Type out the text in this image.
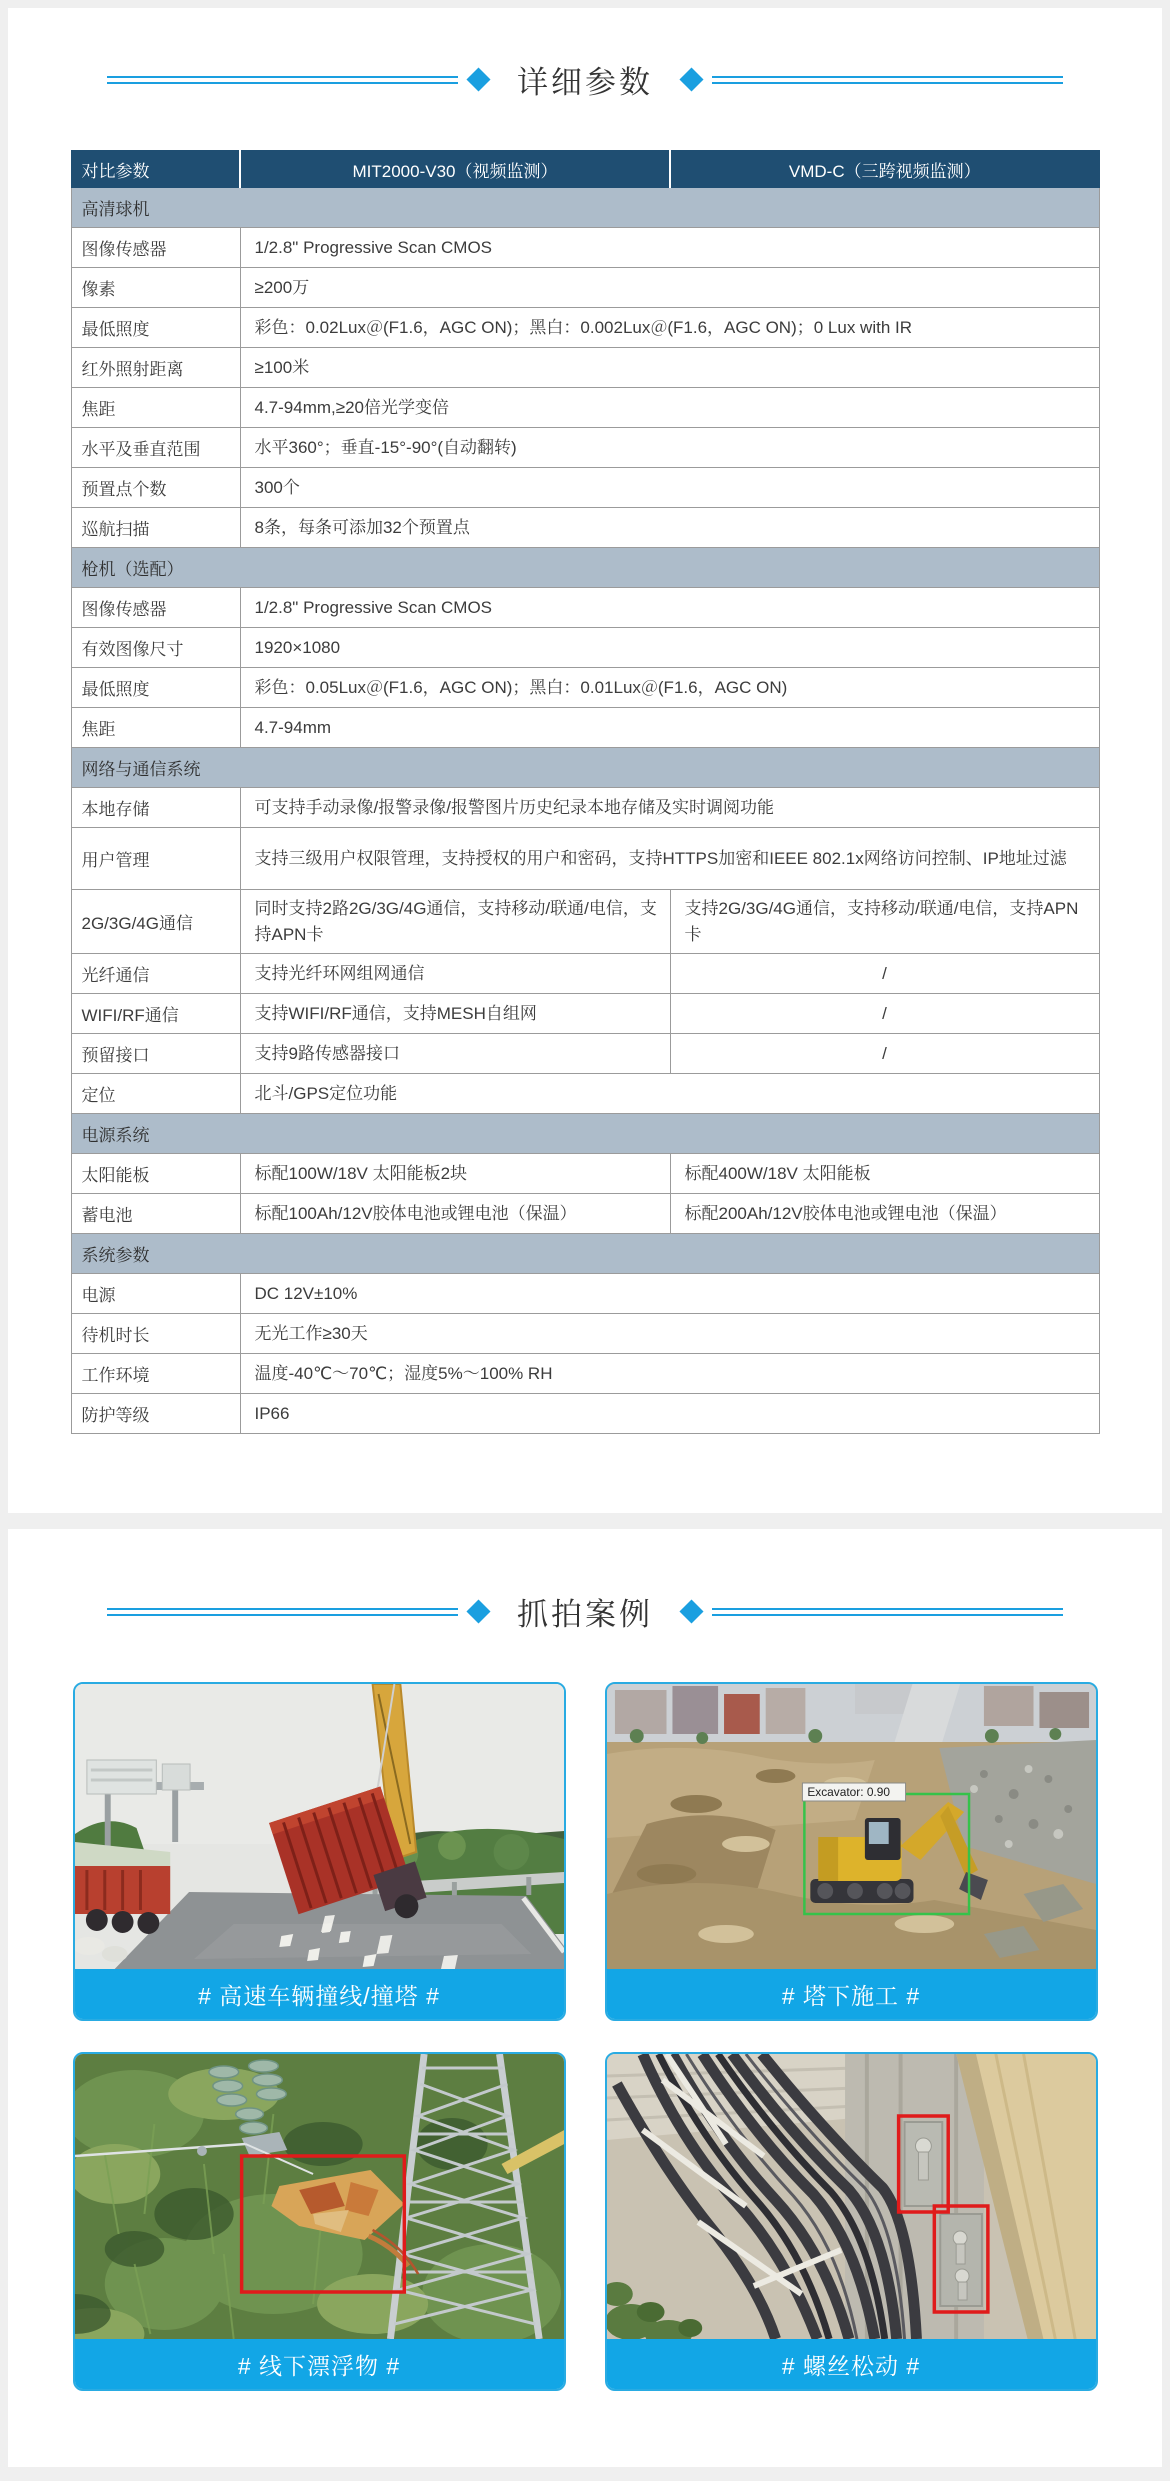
详细参数
对比参数	MIT2000-V30（视频监测）	VMD-C（三跨视频监测）
高清球机		
图像传感器	1/2.8" Progressive Scan CMOS	
像素	≥200万	
最低照度	彩色：0.02Lux＠(F1.6，AGC ON)；黑白：0.002Lux＠(F1.6，AGC ON)；0 Lux with IR	
红外照射距离	≥100米	
焦距	4.7-94mm,≥20倍光学变倍	
水平及垂直范围	水平360°；垂直-15°-90°(自动翻转)	
预置点个数	300个	
巡航扫描	8条，每条可添加32个预置点	
枪机（选配）		
图像传感器	1/2.8" Progressive Scan CMOS	
有效图像尺寸	1920×1080	
最低照度	彩色：0.05Lux＠(F1.6，AGC ON)；黑白：0.01Lux＠(F1.6，AGC ON)	
焦距	4.7-94mm	
网络与通信系统		
本地存储	可支持手动录像/报警录像/报警图片历史纪录本地存储及实时调阅功能	
用户管理	支持三级用户权限管理，支持授权的用户和密码，支持HTTPS加密和IEEE 802.1x网络访问控制、IP地址过滤	
2G/3G/4G通信	同时支持2路2G/3G/4G通信，支持移动/联通/电信，支持APN卡	支持2G/3G/4G通信，支持移动/联通/电信，支持APN卡
光纤通信	支持光纤环网组网通信	/
WIFI/RF通信	支持WIFI/RF通信，支持MESH自组网	/
预留接口	支持9路传感器接口	/
定位	北斗/GPS定位功能	
电源系统		
太阳能板	标配100W/18V 太阳能板2块	标配400W/18V 太阳能板
蓄电池	标配100Ah/12V胶体电池或锂电池（保温）	标配200Ah/12V胶体电池或锂电池（保温）
系统参数		
电源	DC 12V±10%	
待机时长	无光工作≥30天	
工作环境	温度-40℃～70℃；湿度5%～100% RH	
防护等级	IP66	
抓拍案例
# 高速车辆撞线/撞塔 #
Excavator: 0.90
# 塔下施工 #
# 线下漂浮物 #	# 螺丝松动 #
